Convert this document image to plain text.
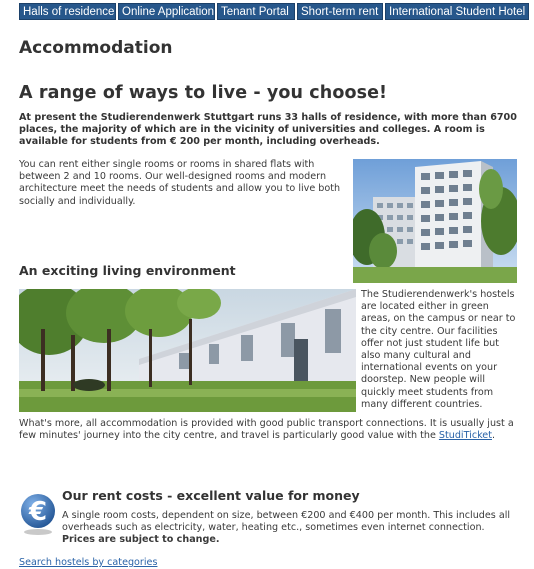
Halls of residence Online Application Tenant Portal	Short-term rent International Student Hotel
Accommodation
A range of ways to live - you choose!
At present the Studierendenwerk Stuttgart runs 33 halls of residence, with more than 6700 places, the majority of which are in the vicinity of universities and colleges. A room is available for students from € 200 per month, including overheads.
You can rent either single rooms or rooms in shared flats with between 2 and 10 rooms. Our well-designed rooms and modern architecture meet the needs of students and allow you to live both socially and individually.
An exciting living environment
The Studierendenwerk's hostels are located either in green areas, on the campus or near to the city centre. Our facilities offer not just student life but also many cultural and international events on your doorstep. New people will quickly meet students from many different countries.
What's more, all accommodation is provided with good public transport connections. It is usually just a few minutes' journey into the city centre, and travel is particularly good value with the StudiTicket.
€
Our rent costs - excellent value for money
A single room costs, dependent on size, between €200 and €400 per month. This includes all overheads such as electricity, water, heating etc., sometimes even internet connection. Prices are subject to change.
Search hostels by categories
